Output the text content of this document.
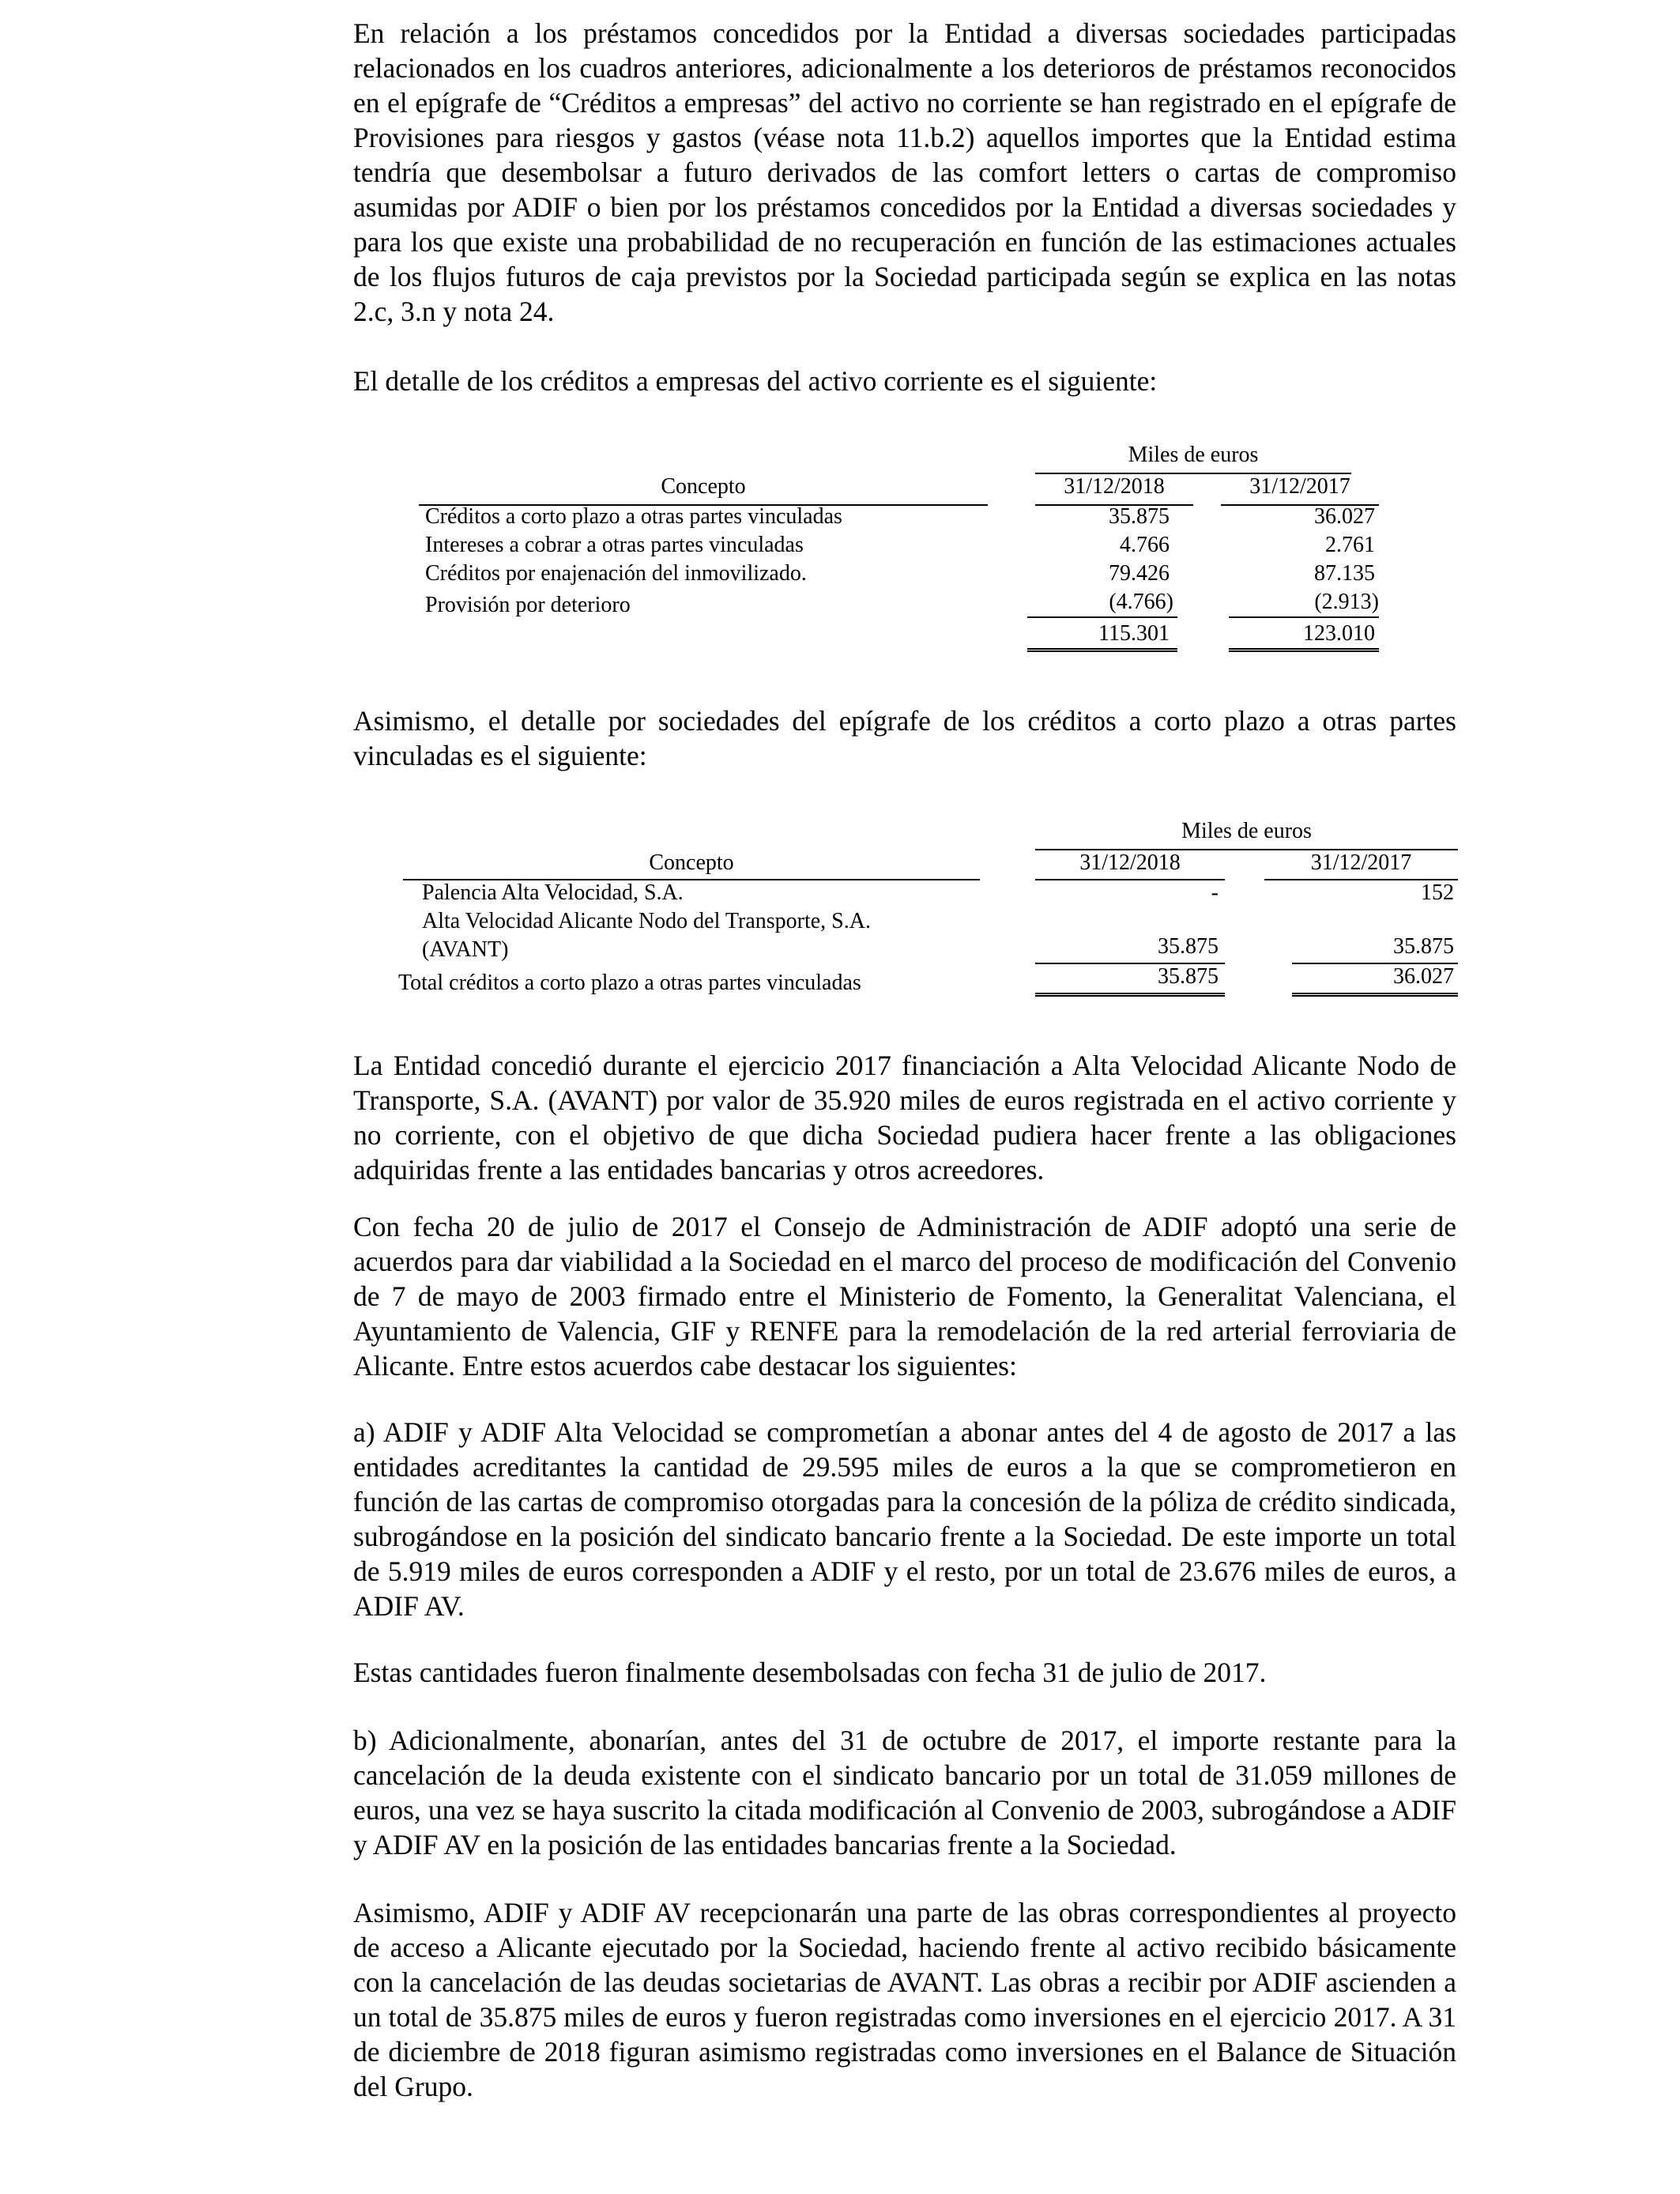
En relación a los préstamos concedidos por la Entidad a diversas sociedades participadas relacionados en los cuadros anteriores, adicionalmente a los deterioros de préstamos reconocidos en el epígrafe de “Créditos a empresas” del activo no corriente se han registrado en el epígrafe de Provisiones para riesgos y gastos (véase nota 11.b.2) aquellos importes que la Entidad estima tendría que desembolsar a futuro derivados de las comfort letters o cartas de compromiso asumidas por ADIF o bien por los préstamos concedidos por la Entidad a diversas sociedades y para los que existe una probabilidad de no recuperación en función de las estimaciones actuales de los flujos futuros de caja previstos por la Sociedad participada según se explica en las notas 2.c, 3.n y nota 24.

El detalle de los créditos a empresas del activo corriente es el siguiente:

Miles de euros
Concepto	31/12/2018	31/12/2017
Créditos a corto plazo a otras partes vinculadas	35.875	36.027
Intereses a cobrar a otras partes vinculadas	4.766	2.761
Créditos por enajenación del inmovilizado.	79.426	87.135
Provisión por deterioro	(4.766)	(2.913)
115.301	123.010

Asimismo, el detalle por sociedades del epígrafe de los créditos a corto plazo a otras partes vinculadas es el siguiente:

Miles de euros
Concepto	31/12/2018	31/12/2017
Palencia Alta Velocidad, S.A.	-	152
Alta Velocidad Alicante Nodo del Transporte, S.A.
(AVANT)	35.875	35.875
Total créditos a corto plazo a otras partes vinculadas	35.875	36.027

La Entidad concedió durante el ejercicio 2017 financiación a Alta Velocidad Alicante Nodo de Transporte, S.A. (AVANT) por valor de 35.920 miles de euros registrada en el activo corriente y no corriente, con el objetivo de que dicha Sociedad pudiera hacer frente a las obligaciones adquiridas frente a las entidades bancarias y otros acreedores.

Con fecha 20 de julio de 2017 el Consejo de Administración de ADIF adoptó una serie de acuerdos para dar viabilidad a la Sociedad en el marco del proceso de modificación del Convenio de 7 de mayo de 2003 firmado entre el Ministerio de Fomento, la Generalitat Valenciana, el Ayuntamiento de Valencia, GIF y RENFE para la remodelación de la red arterial ferroviaria de Alicante. Entre estos acuerdos cabe destacar los siguientes:

a) ADIF y ADIF Alta Velocidad se comprometían a abonar antes del 4 de agosto de 2017 a las entidades acreditantes la cantidad de 29.595 miles de euros a la que se comprometieron en función de las cartas de compromiso otorgadas para la concesión de la póliza de crédito sindicada, subrogándose en la posición del sindicato bancario frente a la Sociedad. De este importe un total de 5.919 miles de euros corresponden a ADIF y el resto, por un total de 23.676 miles de euros, a ADIF AV.

Estas cantidades fueron finalmente desembolsadas con fecha 31 de julio de 2017.

b) Adicionalmente, abonarían, antes del 31 de octubre de 2017, el importe restante para la cancelación de la deuda existente con el sindicato bancario por un total de 31.059 millones de euros, una vez se haya suscrito la citada modificación al Convenio de 2003, subrogándose a ADIF y ADIF AV en la posición de las entidades bancarias frente a la Sociedad.

Asimismo, ADIF y ADIF AV recepcionarán una parte de las obras correspondientes al proyecto de acceso a Alicante ejecutado por la Sociedad, haciendo frente al activo recibido básicamente con la cancelación de las deudas societarias de AVANT. Las obras a recibir por ADIF ascienden a un total de 35.875 miles de euros y fueron registradas como inversiones en el ejercicio 2017. A 31 de diciembre de 2018 figuran asimismo registradas como inversiones en el Balance de Situación del Grupo.
